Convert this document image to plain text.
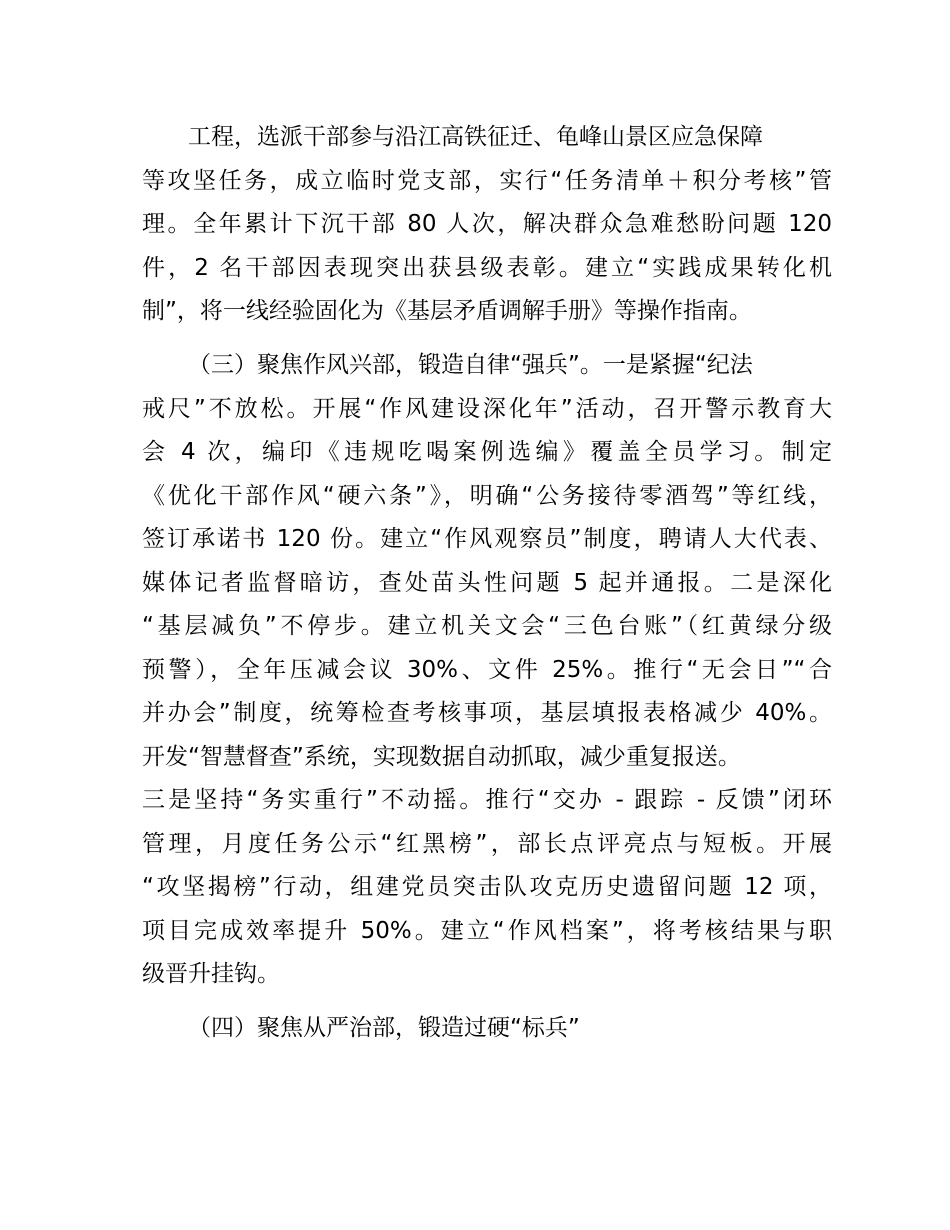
工程，选派干部参与沿江高铁征迁、龟峰山景区应急保障
等攻坚任务，成立临时党支部，实行“任务清单＋积分考核”管
理。全年累计下沉干部 80 人次，解决群众急难愁盼问题 120
件，2 名干部因表现突出获县级表彰。建立“实践成果转化机
制”，将一线经验固化为《基层矛盾调解手册》等操作指南。
（三）聚焦作风兴部，锻造自律“强兵”。一是紧握“纪法
戒尺”不放松。开展“作风建设深化年”活动，召开警示教育大
会 4 次，编印《违规吃喝案例选编》覆盖全员学习。制定
《优化干部作风“硬六条”》，明确“公务接待零酒驾”等红线，
签订承诺书 120 份。建立“作风观察员”制度，聘请人大代表、
媒体记者监督暗访，查处苗头性问题 5 起并通报。二是深化
“基层减负”不停步。建立机关文会“三色台账”（红黄绿分级
预警），全年压减会议 30%、文件 25%。推行“无会日”“合
并办会”制度，统筹检查考核事项，基层填报表格减少 40%。
开发“智慧督查”系统，实现数据自动抓取，减少重复报送。
三是坚持“务实重行”不动摇。推行“交办 - 跟踪 - 反馈”闭环
管理，月度任务公示“红黑榜”，部长点评亮点与短板。开展
“攻坚揭榜”行动，组建党员突击队攻克历史遗留问题 12 项，
项目完成效率提升 50%。建立“作风档案”，将考核结果与职
级晋升挂钩。
（四）聚焦从严治部，锻造过硬“标兵”
